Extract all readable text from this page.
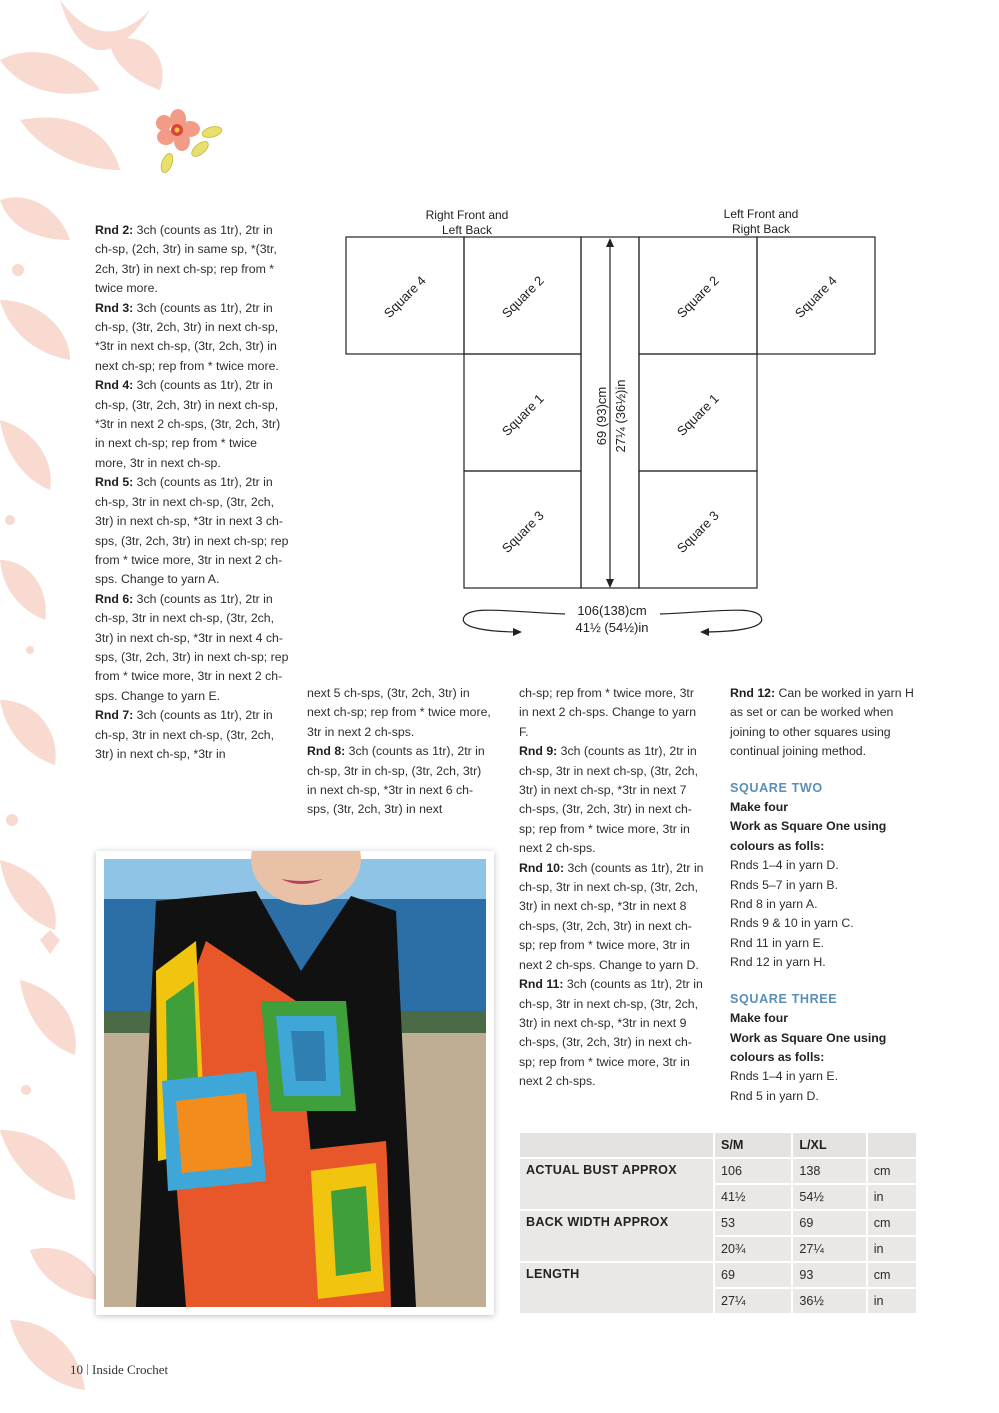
Right Front and
Left Back
Left Front and
Right Back
Square 4	Square 2
Square 1
Square 3
Square 2	Square 4
Square 1
Square 3
69 (93)cm 27¼ (36½)in
106(138)cm
41½ (54½)in

Rnd 2: 3ch (counts as 1tr), 2tr in ch-sp, (2ch, 3tr) in same sp, *(3tr, 2ch, 3tr) in next ch-sp; rep from * twice more.

Rnd 3: 3ch (counts as 1tr), 2tr in ch-sp, (3tr, 2ch, 3tr) in next ch-sp, *3tr in next ch-sp, (3tr, 2ch, 3tr) in next ch-sp; rep from * twice more.

Rnd 4: 3ch (counts as 1tr), 2tr in ch-sp, (3tr, 2ch, 3tr) in next ch-sp, *3tr in next 2 ch-sps, (3tr, 2ch, 3tr) in next ch-sp; rep from * twice more, 3tr in next ch-sp.

Rnd 5: 3ch (counts as 1tr), 2tr in ch-sp, 3tr in next ch-sp, (3tr, 2ch, 3tr) in next ch-sp, *3tr in next 3 ch-sps, (3tr, 2ch, 3tr) in next ch-sp; rep from * twice more, 3tr in next 2 ch-sps. Change to yarn A.

Rnd 6: 3ch (counts as 1tr), 2tr in ch-sp, 3tr in next ch-sp, (3tr, 2ch, 3tr) in next ch-sp, *3tr in next 4 ch-sps, (3tr, 2ch, 3tr) in next ch-sp; rep from * twice more, 3tr in next 2 ch-sps. Change to yarn E.

Rnd 7: 3ch (counts as 1tr), 2tr in ch-sp, 3tr in next ch-sp, (3tr, 2ch, 3tr) in next ch-sp, *3tr in

next 5 ch-sps, (3tr, 2ch, 3tr) in next ch-sp; rep from * twice more, 3tr in next 2 ch-sps.

Rnd 8: 3ch (counts as 1tr), 2tr in ch-sp, 3tr in ch-sp, (3tr, 2ch, 3tr) in next ch-sp, *3tr in next 6 ch-sps, (3tr, 2ch, 3tr) in next

ch-sp; rep from * twice more, 3tr in next 2 ch-sps. Change to yarn F.

Rnd 9: 3ch (counts as 1tr), 2tr in ch-sp, 3tr in next ch-sp, (3tr, 2ch, 3tr) in next ch-sp, *3tr in next 7 ch-sps, (3tr, 2ch, 3tr) in next ch-sp; rep from * twice more, 3tr in next 2 ch-sps.

Rnd 10: 3ch (counts as 1tr), 2tr in ch-sp, 3tr in next ch-sp, (3tr, 2ch, 3tr) in next ch-sp, *3tr in next 8 ch-sps, (3tr, 2ch, 3tr) in next ch-sp; rep from * twice more, 3tr in next 2 ch-sps. Change to yarn D.

Rnd 11: 3ch (counts as 1tr), 2tr in ch-sp, 3tr in next ch-sp, (3tr, 2ch, 3tr) in next ch-sp, *3tr in next 9 ch-sps, (3tr, 2ch, 3tr) in next ch-sp; rep from * twice more, 3tr in next 2 ch-sps.

Rnd 12: Can be worked in yarn H as set or can be worked when joining to other squares using continual joining method.

SQUARE TWO

Make four

Work as Square One using colours as folls:

Rnds 1–4 in yarn D.

Rnds 5–7 in yarn B.

Rnd 8 in yarn A.

Rnds 9 & 10 in yarn C.

Rnd 11 in yarn E.

Rnd 12 in yarn H.

SQUARE THREE

Make four

Work as Square One using colours as folls:

Rnds 1–4 in yarn E.

Rnd 5 in yarn D.

	S/M	L/XL	
ACTUAL BUST APPROX	106	138	cm
	41½	54½	in
BACK WIDTH APPROX	53	69	cm
	20¾	27¼	in
LENGTH	69	93	cm
	27¼	36½	in
10 Inside Crochet
